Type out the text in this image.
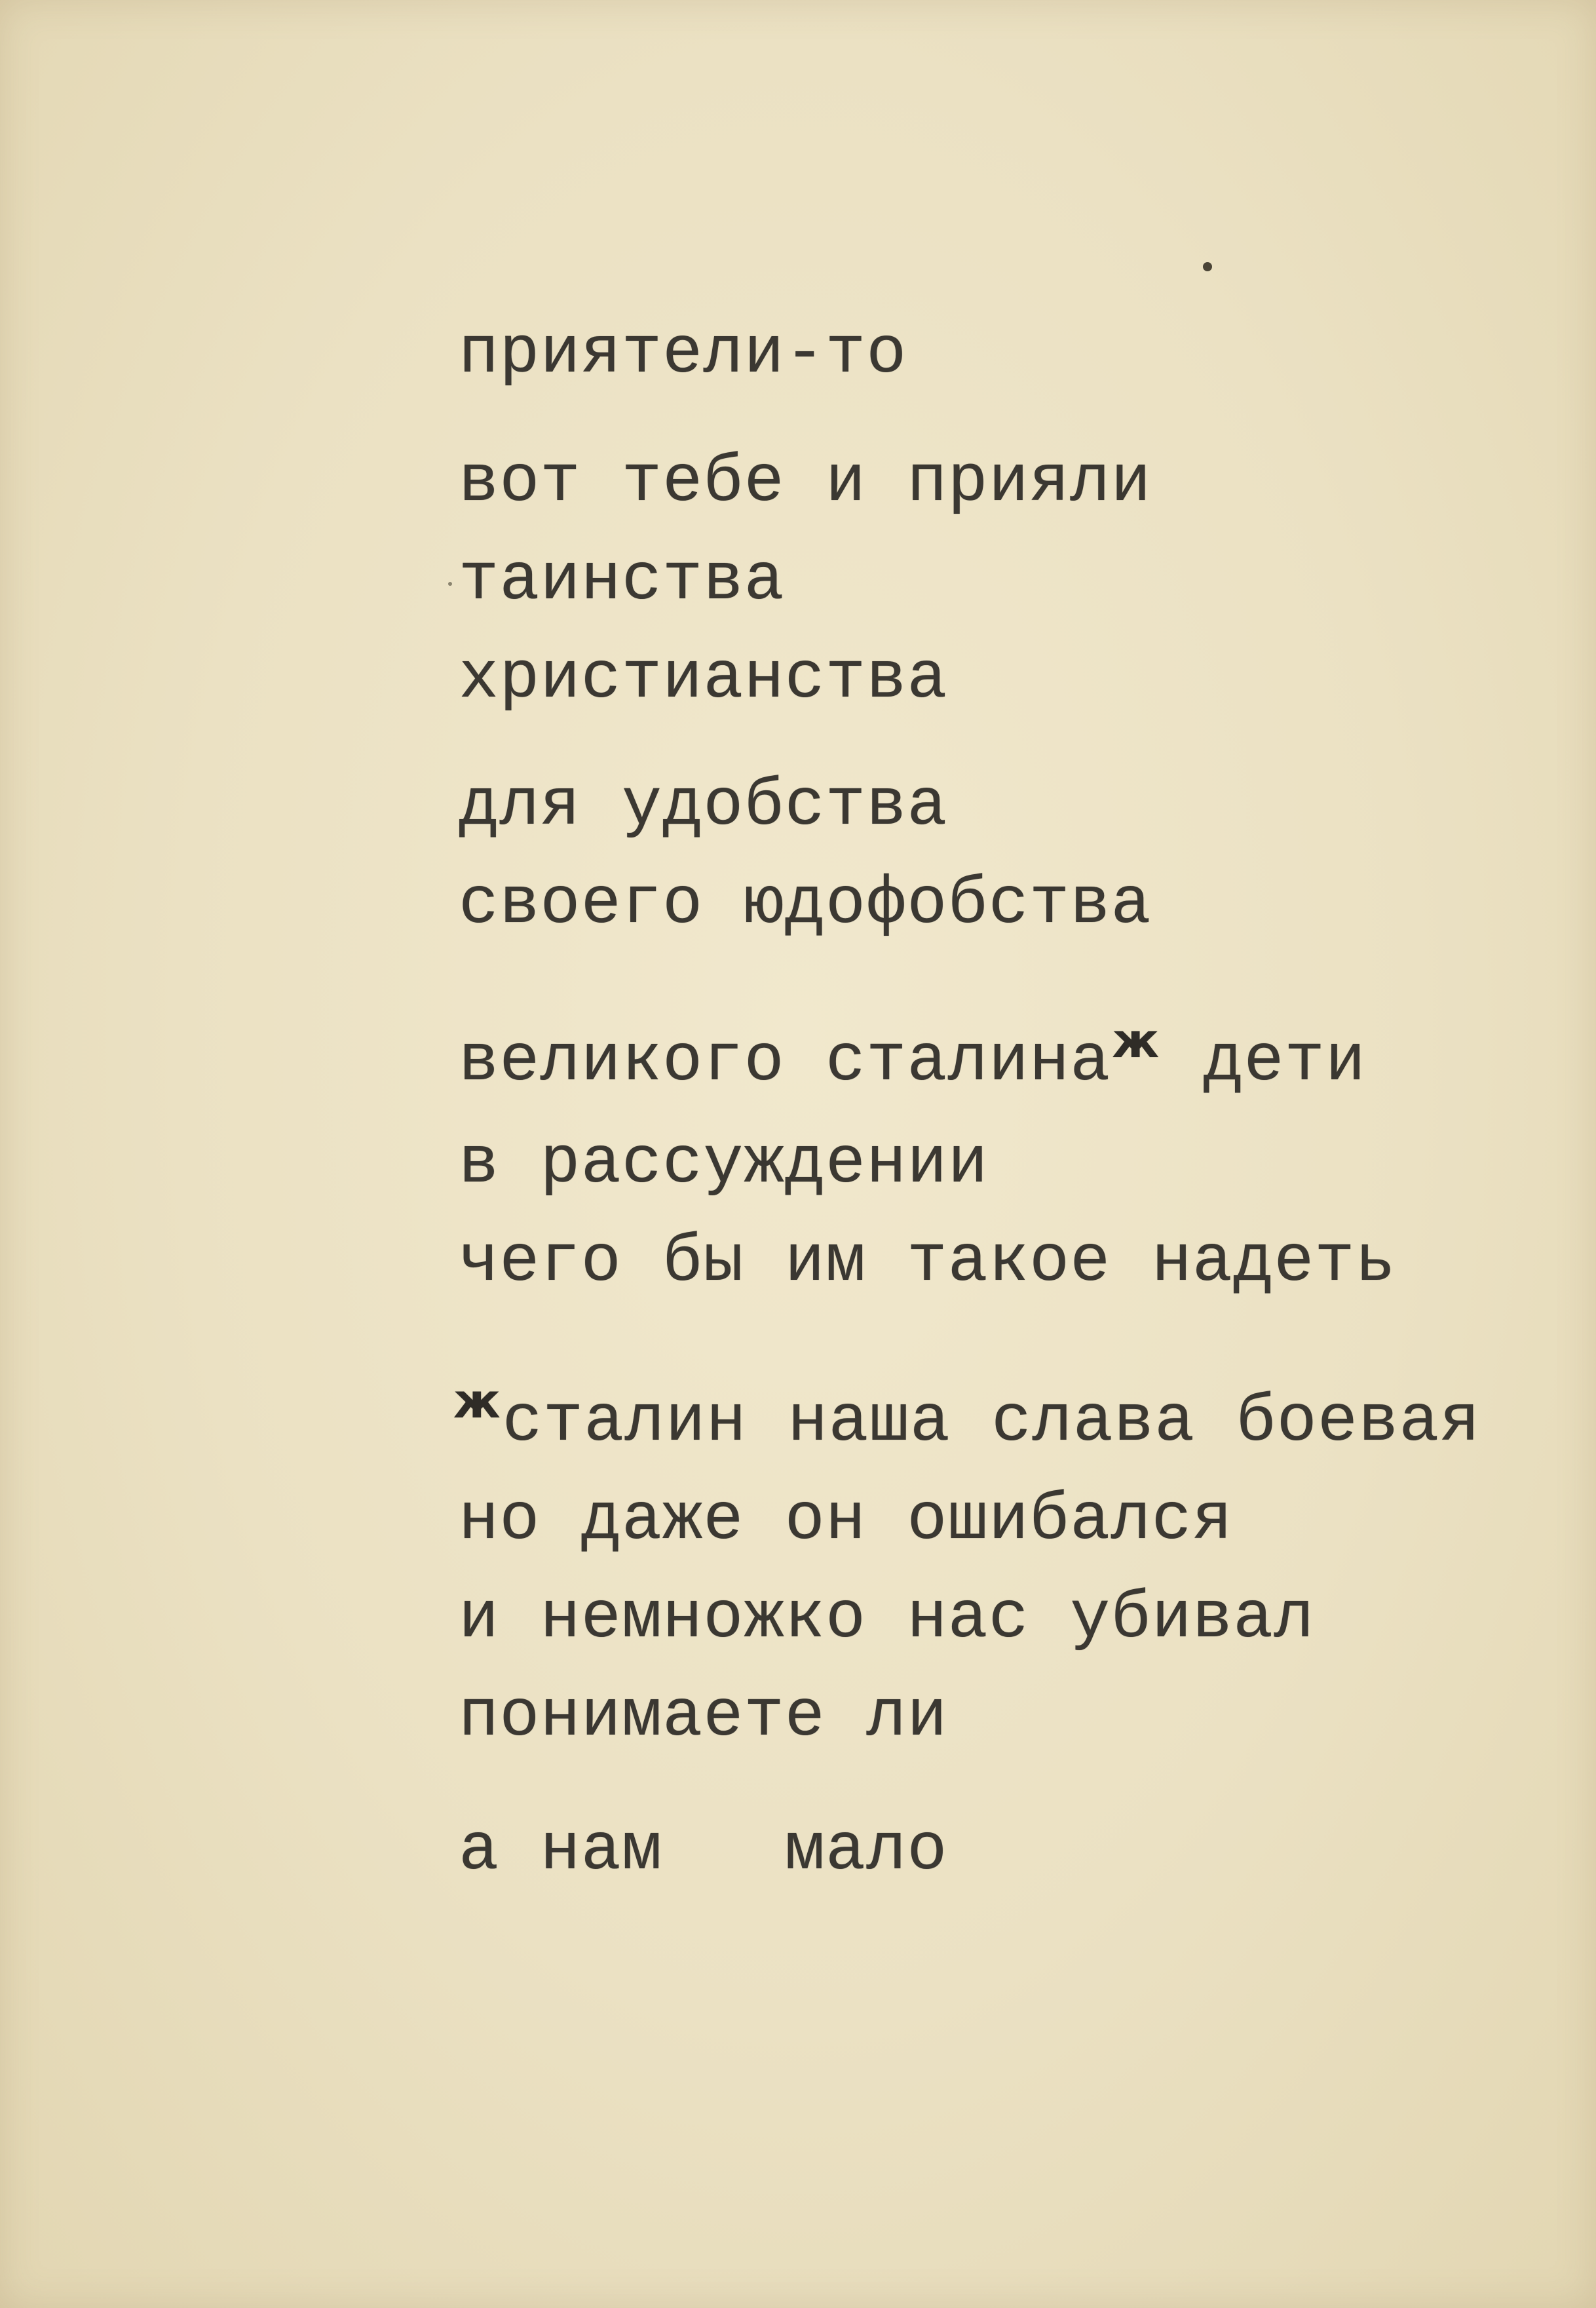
приятели-то

вот тебе и прияли

таинства

христианства

для удобства

своего юдофобства

великого сталина$^ж$ дети

в рассуждении

чего бы им такое надеть

$^ж$сталин наша слава боевая

но даже он ошибался

и немножко нас убивал

понимаете ли

а нам   мало
